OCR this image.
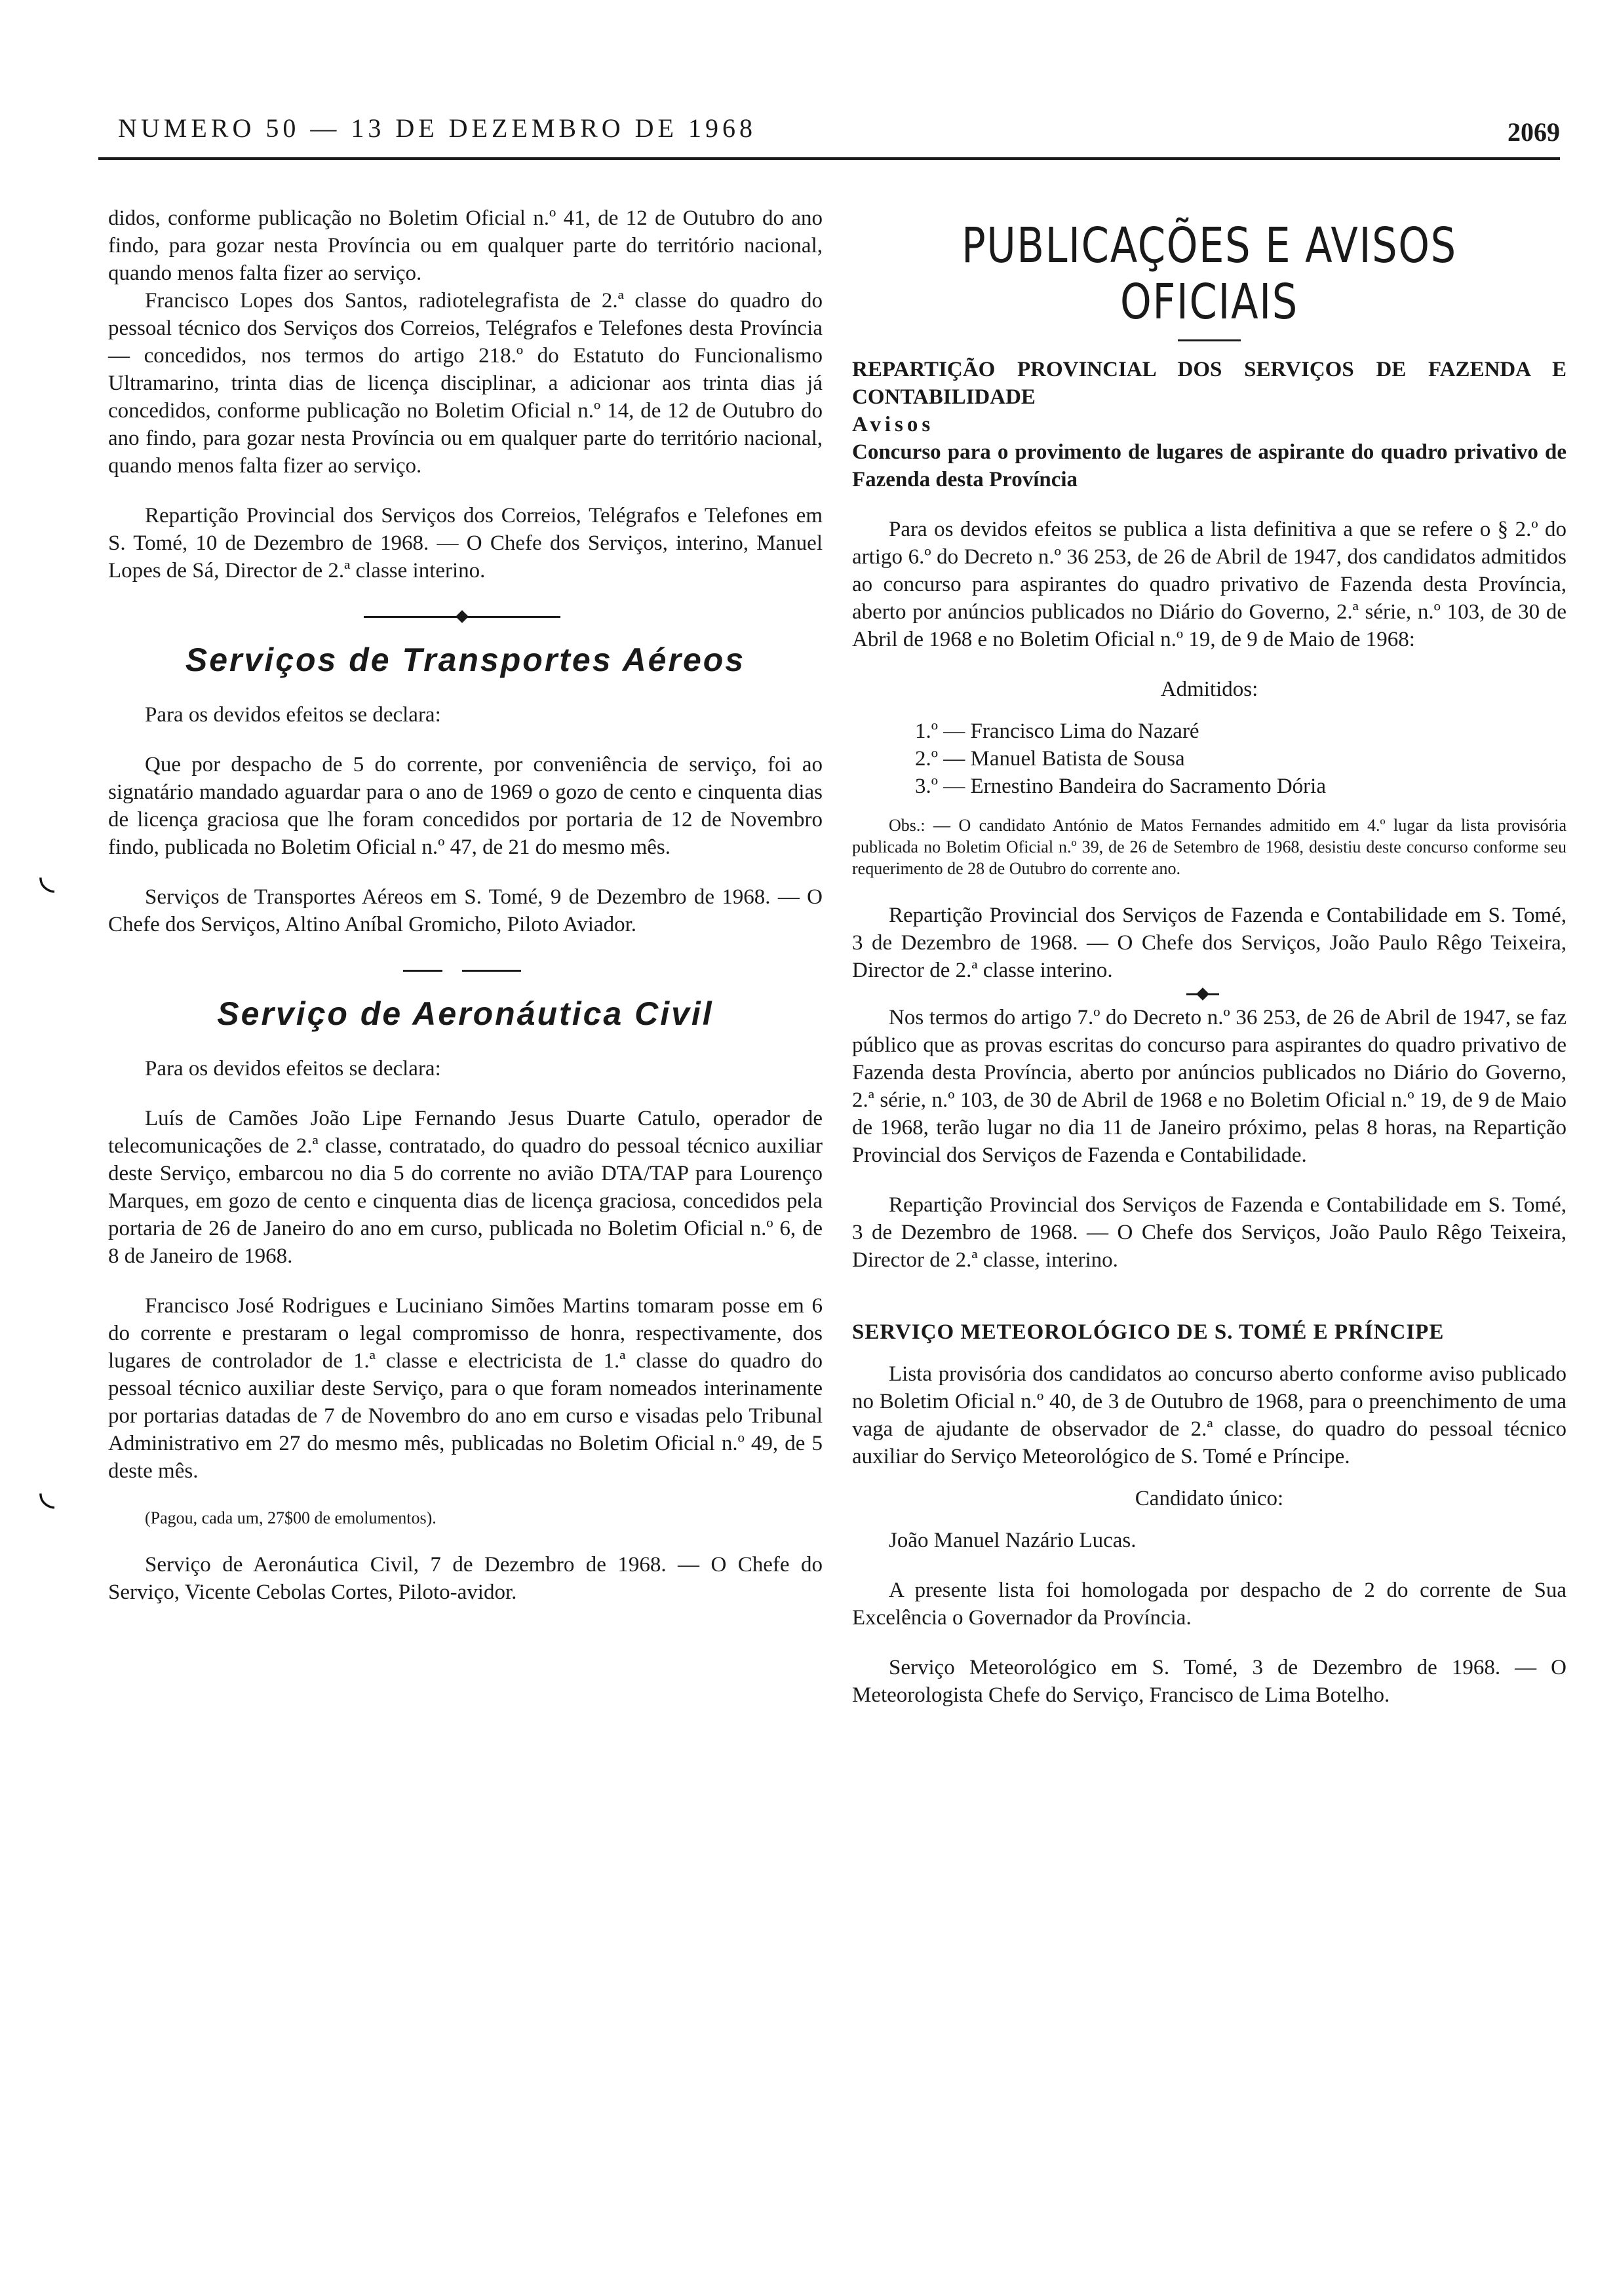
NUMERO 50 — 13 DE DEZEMBRO DE 1968	2069

didos, conforme publicação no Boletim Oficial n.º 41, de 12 de Outubro do ano findo, para gozar nesta Província ou em qualquer parte do território nacional, quando menos falta fizer ao serviço.

Francisco Lopes dos Santos, radiotelegrafista de 2.ª classe do quadro do pessoal técnico dos Serviços dos Correios, Telégrafos e Telefones desta Província — concedidos, nos termos do artigo 218.º do Estatuto do Funcionalismo Ultramarino, trinta dias de licença disciplinar, a adicionar aos trinta dias já concedidos, conforme publicação no Boletim Oficial n.º 14, de 12 de Outubro do ano findo, para gozar nesta Província ou em qualquer parte do território nacional, quando menos falta fizer ao serviço.

Repartição Provincial dos Serviços dos Correios, Telégrafos e Telefones em S. Tomé, 10 de Dezembro de 1968. — O Chefe dos Serviços, interino, Manuel Lopes de Sá, Director de 2.ª classe interino.

Serviços de Transportes Aéreos

Para os devidos efeitos se declara:

Que por despacho de 5 do corrente, por conveniência de serviço, foi ao signatário mandado aguardar para o ano de 1969 o gozo de cento e cinquenta dias de licença graciosa que lhe foram concedidos por portaria de 12 de Novembro findo, publicada no Boletim Oficial n.º 47, de 21 do mesmo mês.

Serviços de Transportes Aéreos em S. Tomé, 9 de Dezembro de 1968. — O Chefe dos Serviços, Altino Aníbal Gromicho, Piloto Aviador.

Serviço de Aeronáutica Civil

Para os devidos efeitos se declara:

Luís de Camões João Lipe Fernando Jesus Duarte Catulo, operador de telecomunicações de 2.ª classe, contratado, do quadro do pessoal técnico auxiliar deste Serviço, embarcou no dia 5 do corrente no avião DTA/TAP para Lourenço Marques, em gozo de cento e cinquenta dias de licença graciosa, concedidos pela portaria de 26 de Janeiro do ano em curso, publicada no Boletim Oficial n.º 6, de 8 de Janeiro de 1968.

Francisco José Rodrigues e Luciniano Simões Martins tomaram posse em 6 do corrente e prestaram o legal compromisso de honra, respectivamente, dos lugares de controlador de 1.ª classe e electricista de 1.ª classe do quadro do pessoal técnico auxiliar deste Serviço, para o que foram nomeados interinamente por portarias datadas de 7 de Novembro do ano em curso e visadas pelo Tribunal Administrativo em 27 do mesmo mês, publicadas no Boletim Oficial n.º 49, de 5 deste mês.

(Pagou, cada um, 27$00 de emolumentos).

Serviço de Aeronáutica Civil, 7 de Dezembro de 1968. — O Chefe do Serviço, Vicente Cebolas Cortes, Piloto-avidor.

PUBLICAÇÕES E AVISOS OFICIAIS

REPARTIÇÃO PROVINCIAL DOS SERVIÇOS DE FAZENDA E CONTABILIDADE

Avisos

Concurso para o provimento de lugares de aspirante do quadro privativo de Fazenda desta Província

Para os devidos efeitos se publica a lista definitiva a que se refere o § 2.º do artigo 6.º do Decreto n.º 36 253, de 26 de Abril de 1947, dos candidatos admitidos ao concurso para aspirantes do quadro privativo de Fazenda desta Província, aberto por anúncios publicados no Diário do Governo, 2.ª série, n.º 103, de 30 de Abril de 1968 e no Boletim Oficial n.º 19, de 9 de Maio de 1968:

Admitidos:

1.º — Francisco Lima do Nazaré

2.º — Manuel Batista de Sousa

3.º — Ernestino Bandeira do Sacramento Dória

Obs.: — O candidato António de Matos Fernandes admitido em 4.º lugar da lista provisória publicada no Boletim Oficial n.º 39, de 26 de Setembro de 1968, desistiu deste concurso conforme seu requerimento de 28 de Outubro do corrente ano.

Repartição Provincial dos Serviços de Fazenda e Contabilidade em S. Tomé, 3 de Dezembro de 1968. — O Chefe dos Serviços, João Paulo Rêgo Teixeira, Director de 2.ª classe interino.

Nos termos do artigo 7.º do Decreto n.º 36 253, de 26 de Abril de 1947, se faz público que as provas escritas do concurso para aspirantes do quadro privativo de Fazenda desta Província, aberto por anúncios publicados no Diário do Governo, 2.ª série, n.º 103, de 30 de Abril de 1968 e no Boletim Oficial n.º 19, de 9 de Maio de 1968, terão lugar no dia 11 de Janeiro próximo, pelas 8 horas, na Repartição Provincial dos Serviços de Fazenda e Contabilidade.

Repartição Provincial dos Serviços de Fazenda e Contabilidade em S. Tomé, 3 de Dezembro de 1968. — O Chefe dos Serviços, João Paulo Rêgo Teixeira, Director de 2.ª classe, interino.

SERVIÇO METEOROLÓGICO DE S. TOMÉ E PRÍNCIPE

Lista provisória dos candidatos ao concurso aberto conforme aviso publicado no Boletim Oficial n.º 40, de 3 de Outubro de 1968, para o preenchimento de uma vaga de ajudante de observador de 2.ª classe, do quadro do pessoal técnico auxiliar do Serviço Meteorológico de S. Tomé e Príncipe.

Candidato único:

João Manuel Nazário Lucas.

A presente lista foi homologada por despacho de 2 do corrente de Sua Excelência o Governador da Província.

Serviço Meteorológico em S. Tomé, 3 de Dezembro de 1968. — O Meteorologista Chefe do Serviço, Francisco de Lima Botelho.

◟
◟
